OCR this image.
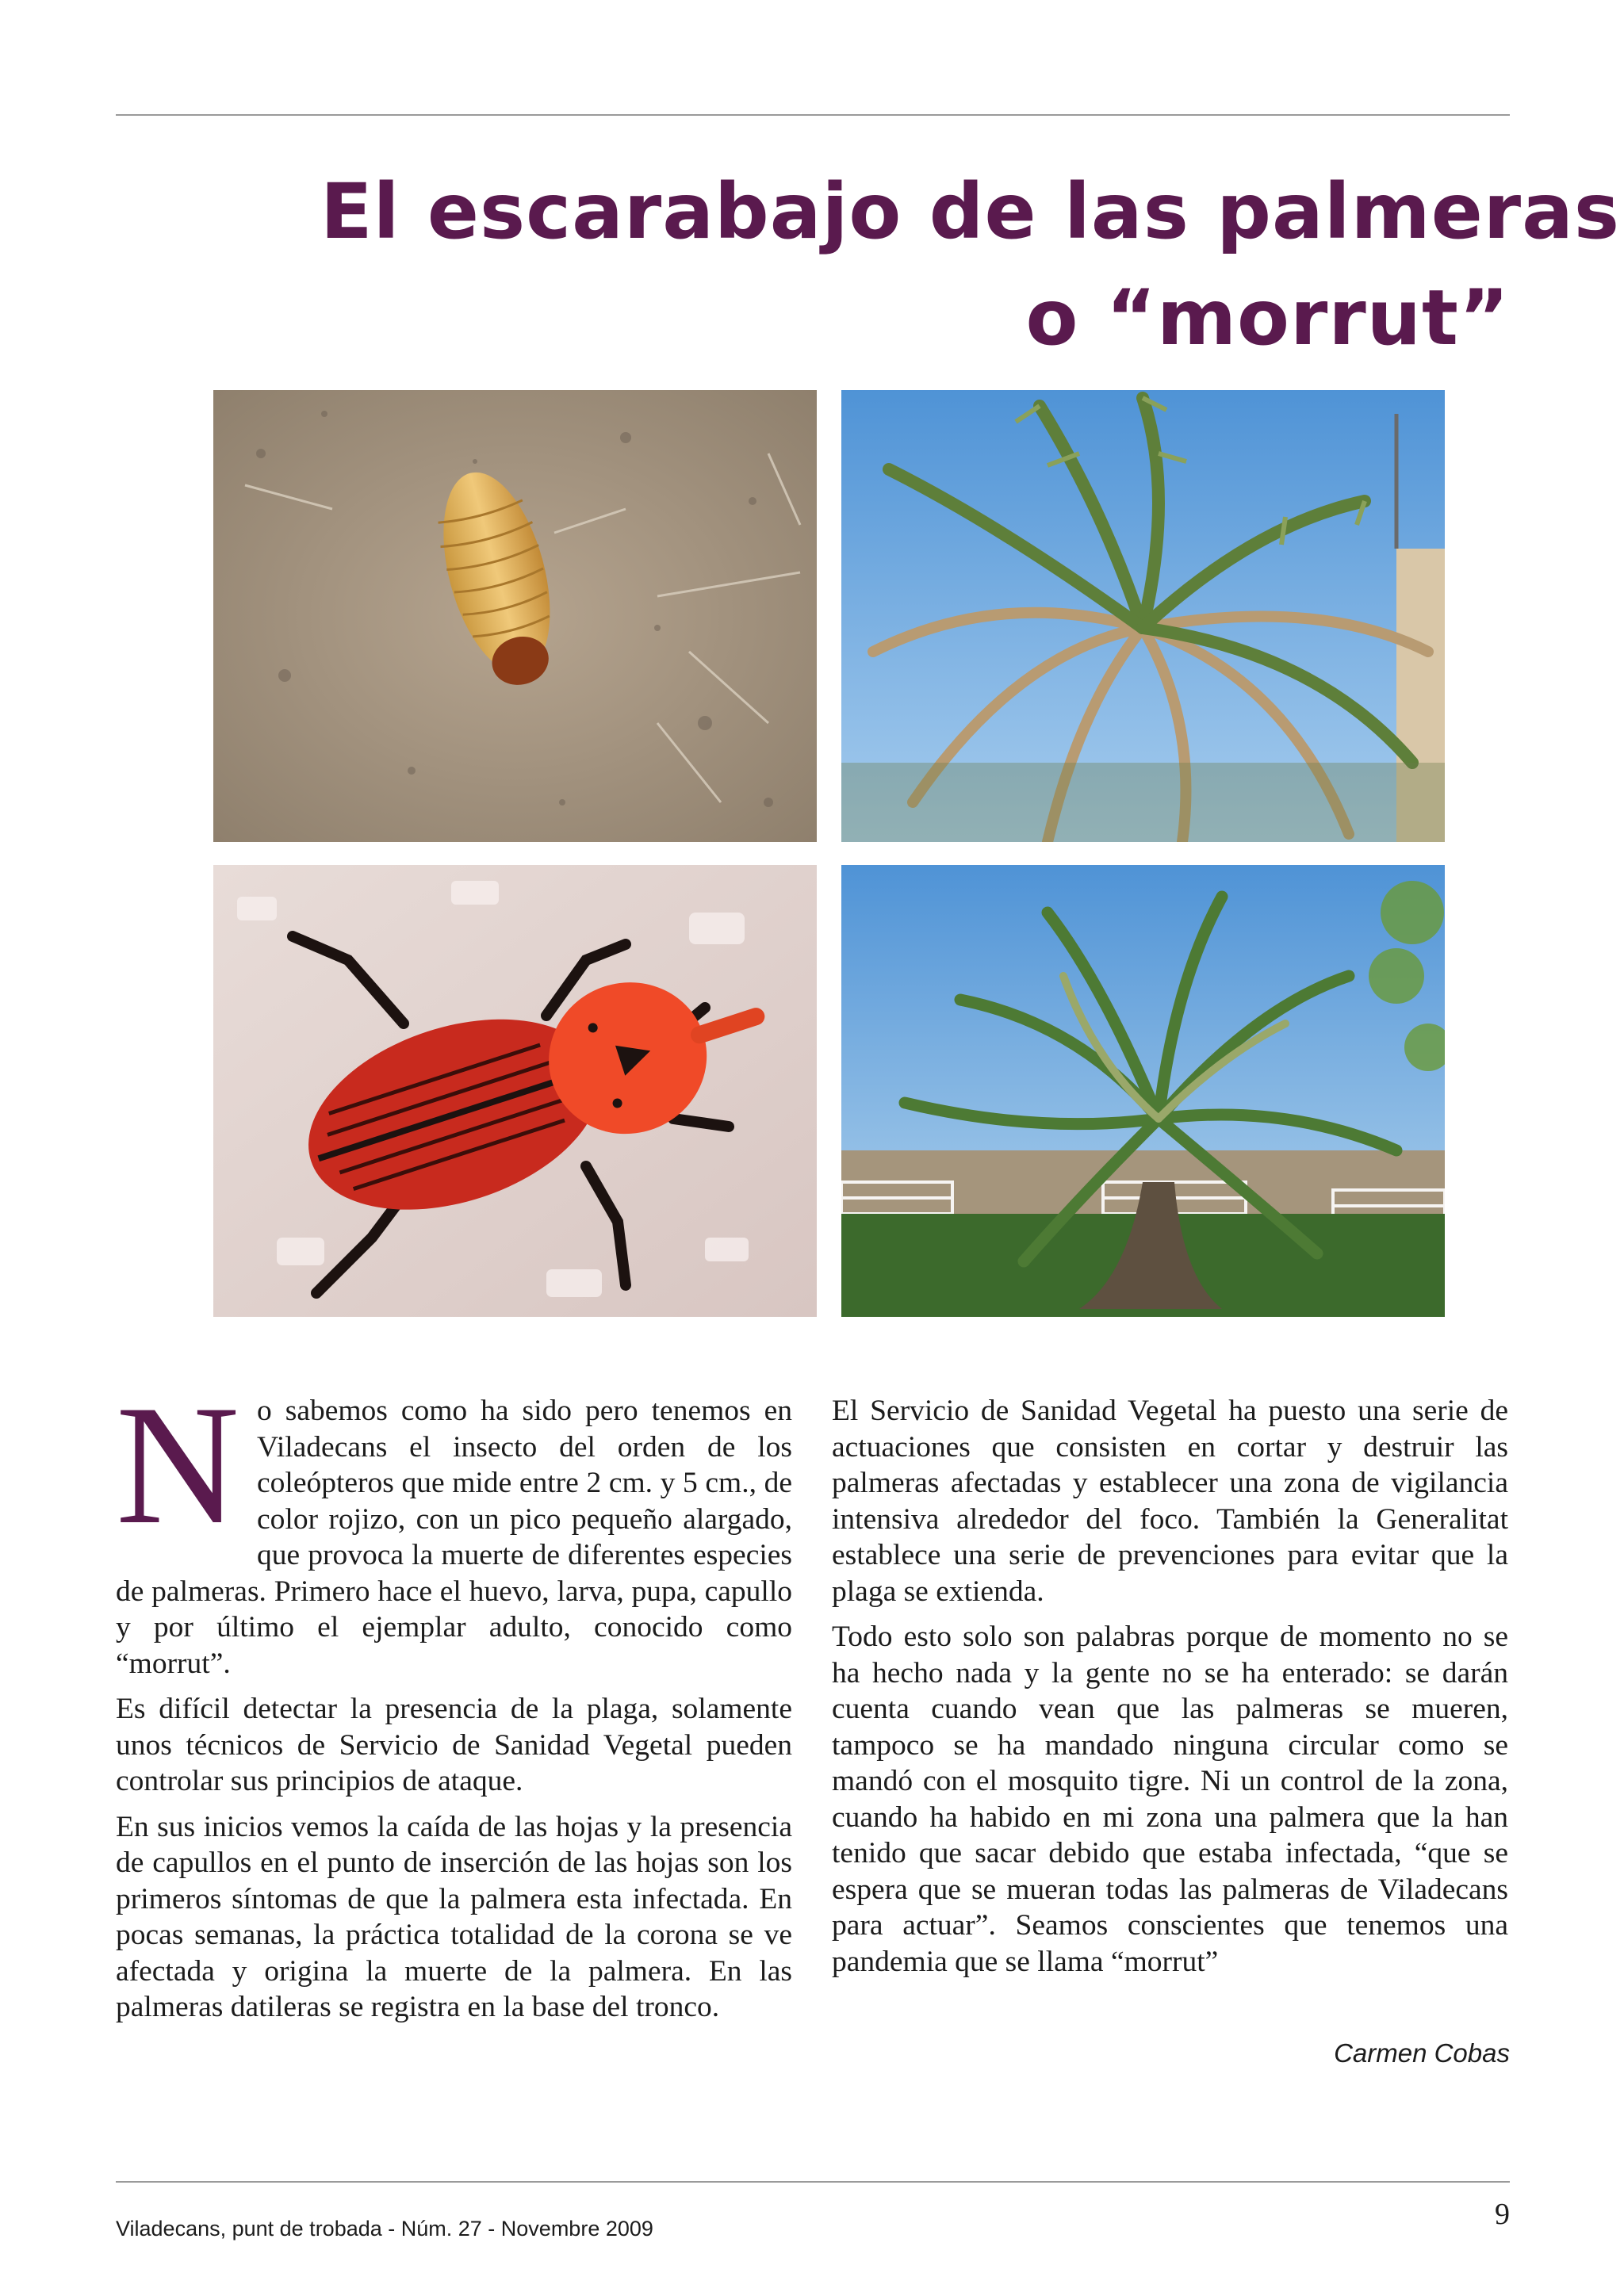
El escarabajo de las palmeras
o “morrut”

No sabemos como ha sido pero tenemos en Viladecans el insecto del orden de los coleópteros que mide entre 2 cm. y 5 cm., de color rojizo, con un pico pequeño alargado, que provoca la muerte de diferentes especies de palmeras. Primero hace el huevo, larva, pupa, capullo y por último el ejemplar adulto, conocido como “morrut”.

Es difícil detectar la presencia de la plaga, solamente unos técnicos de Servicio de Sanidad Vegetal pueden controlar sus principios de ataque.

En sus inicios vemos la caída de las hojas y la presencia de capullos en el punto de inserción de las hojas son los primeros síntomas de que la palmera esta infectada. En pocas semanas, la práctica totalidad de la corona se ve afectada y origina la muerte de la palmera. En las palmeras datileras se registra en la base del tronco.

El Servicio de Sanidad Vegetal ha puesto una serie de actuaciones que consisten en cortar y destruir las palmeras afectadas y establecer una zona de vigilancia intensiva alrededor del foco. También la Generalitat establece una serie de prevenciones para evitar que la plaga se extienda.

Todo esto solo son palabras porque de momento no se ha hecho nada y la gente no se ha enterado: se darán cuenta cuando vean que las palmeras se mueren, tampoco se ha mandado ninguna circular como se mandó con el mosquito tigre. Ni un control de la zona, cuando ha habido en mi zona una palmera que la han tenido que sacar debido que estaba infectada, “que se espera que se mueran todas las palmeras de Viladecans para actuar”. Seamos conscientes que tenemos una pandemia que se llama “morrut”

Carmen Cobas
Viladecans, punt de trobada - Núm. 27 - Novembre 2009	9
